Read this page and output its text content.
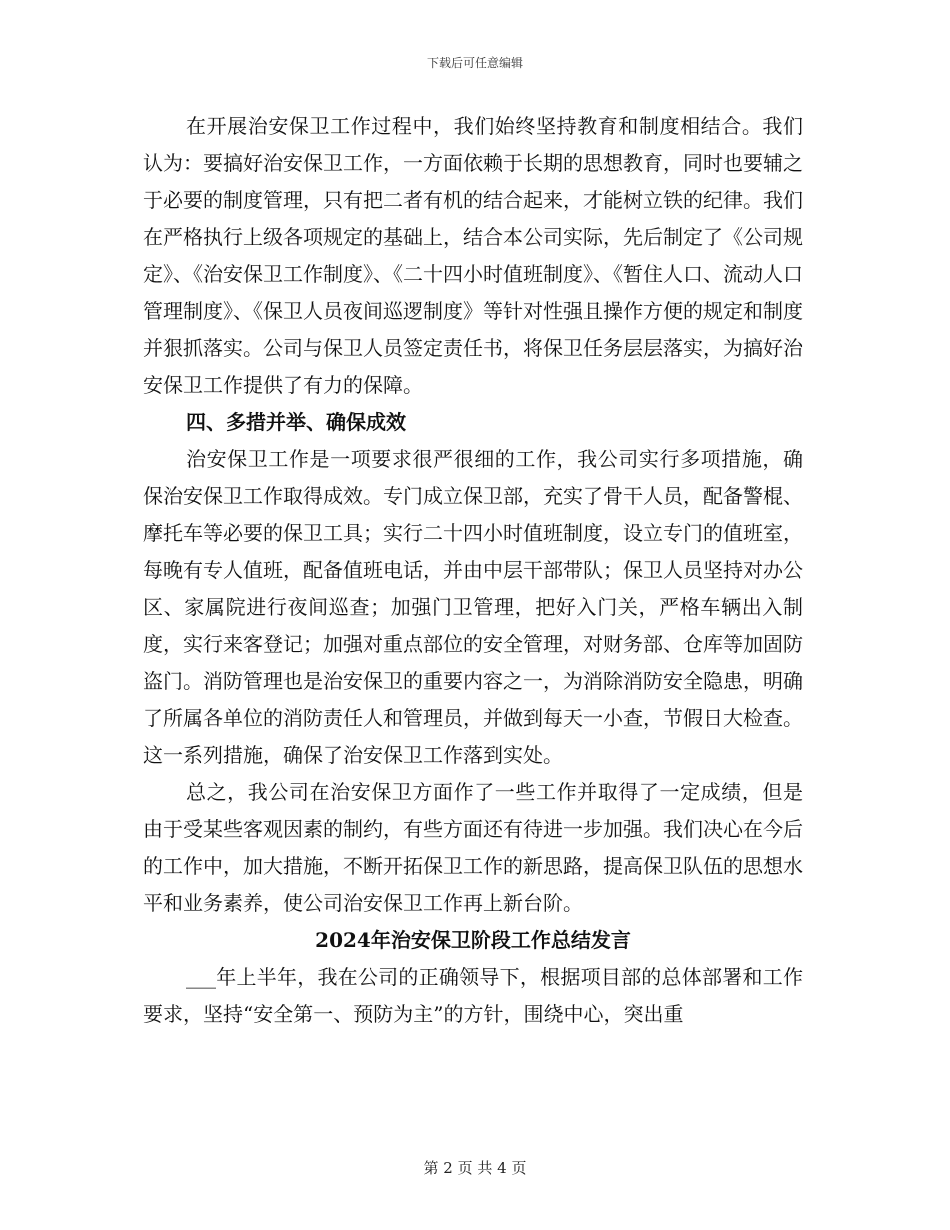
下载后可任意编辑

在开展治安保卫工作过程中，我们始终坚持教育和制度相结合。我们认为：要搞好治安保卫工作，一方面依赖于长期的思想教育，同时也要辅之于必要的制度管理，只有把二者有机的结合起来，才能树立铁的纪律。我们在严格执行上级各项规定的基础上，结合本公司实际，先后制定了《公司规定》、《治安保卫工作制度》、《二十四小时值班制度》、《暂住人口、流动人口管理制度》、《保卫人员夜间巡逻制度》等针对性强且操作方便的规定和制度并狠抓落实。公司与保卫人员签定责任书，将保卫任务层层落实，为搞好治安保卫工作提供了有力的保障。

四、多措并举、确保成效

治安保卫工作是一项要求很严很细的工作，我公司实行多项措施，确保治安保卫工作取得成效。专门成立保卫部，充实了骨干人员，配备警棍、摩托车等必要的保卫工具；实行二十四小时值班制度，设立专门的值班室，每晚有专人值班，配备值班电话，并由中层干部带队；保卫人员坚持对办公区、家属院进行夜间巡查；加强门卫管理，把好入门关，严格车辆出入制度，实行来客登记；加强对重点部位的安全管理，对财务部、仓库等加固防盗门。消防管理也是治安保卫的重要内容之一，为消除消防安全隐患，明确了所属各单位的消防责任人和管理员，并做到每天一小查，节假日大检查。这一系列措施，确保了治安保卫工作落到实处。

总之，我公司在治安保卫方面作了一些工作并取得了一定成绩，但是由于受某些客观因素的制约，有些方面还有待进一步加强。我们决心在今后的工作中，加大措施，不断开拓保卫工作的新思路，提高保卫队伍的思想水平和业务素养，使公司治安保卫工作再上新台阶。

2024年治安保卫阶段工作总结发言

___年上半年，我在公司的正确领导下，根据项目部的总体部署和工作要求，坚持“安全第一、预防为主”的方针，围绕中心，突出重

第 2 页 共 4 页
